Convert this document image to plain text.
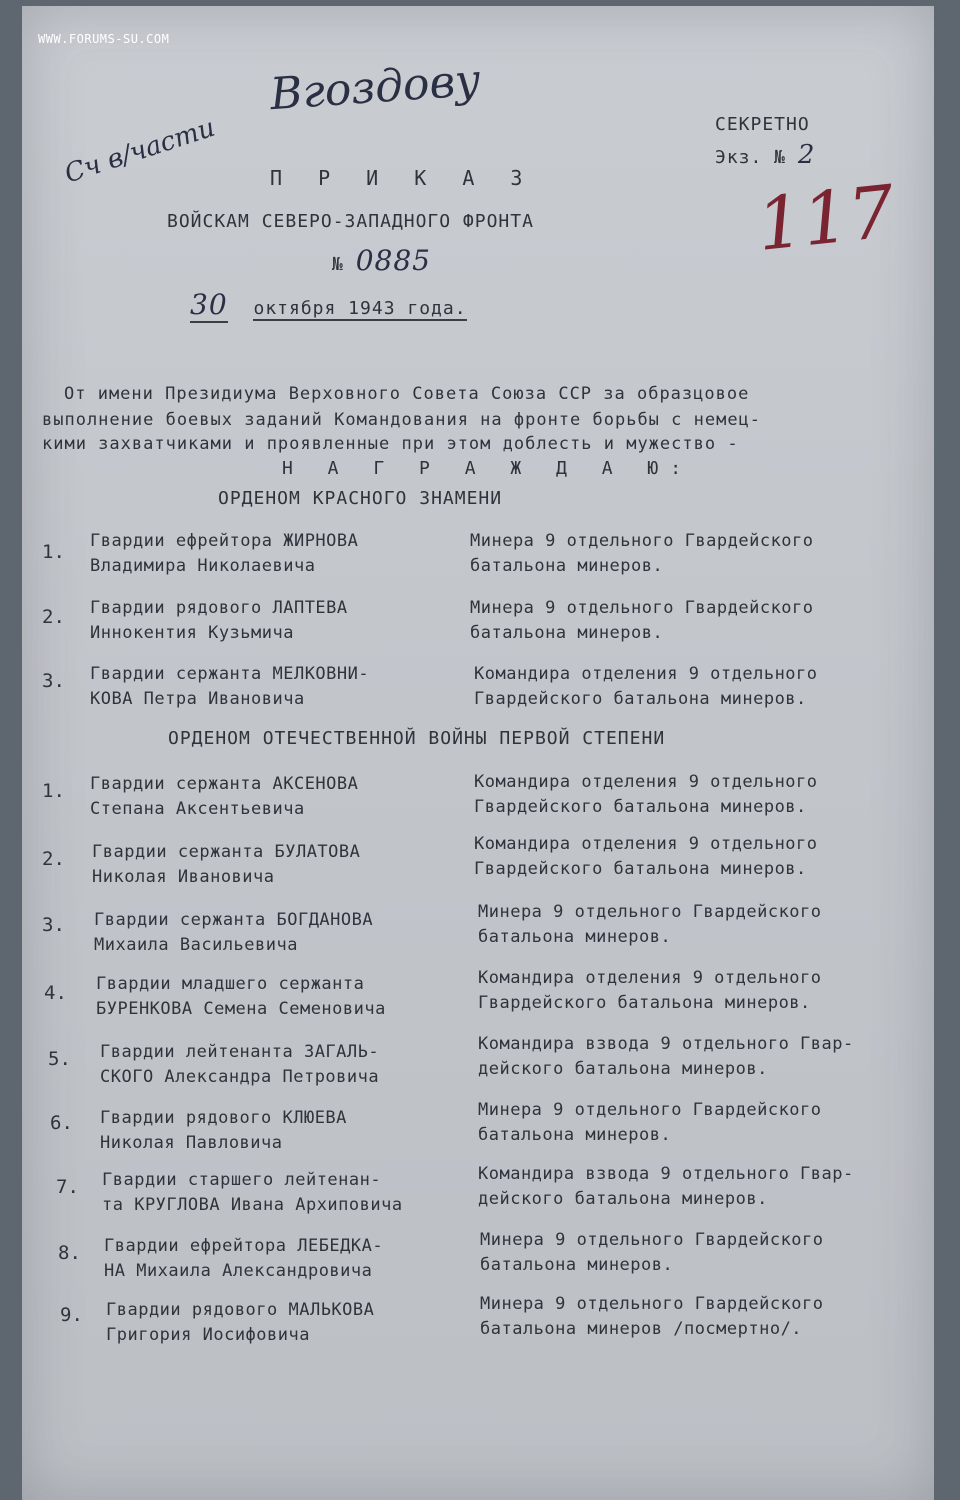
Вгоздову
Сч в/части
117
СЕКРЕТНО
Экз. № 2
П Р И К А З
ВОЙСКАМ СЕВЕРО-ЗАПАДНОГО ФРОНТА
№ 0885
30 октября 1943 года.
От имени Президиума Верховного Совета Союза ССР за образцовое
выполнение боевых заданий Командования на фронте борьбы с немец-
кими захватчиками и проявленные при этом доблесть и мужество -
Н А Г Р А Ж Д А Ю:
ОРДЕНОМ КРАСНОГО ЗНАМЕНИ
1. Гвардии ефрейтора ЖИРНОВА
Владимира Николаевича
Минера 9 отдельного Гвардейского
батальона минеров.
2. Гвардии рядового ЛАПТЕВА
Иннокентия Кузьмича
Минера 9 отдельного Гвардейского
батальона минеров.
3. Гвардии сержанта МЕЛКОВНИ-
КОВА Петра Ивановича
Командира отделения 9 отдельного
Гвардейского батальона минеров.
ОРДЕНОМ ОТЕЧЕСТВЕННОЙ ВОЙНЫ ПЕРВОЙ СТЕПЕНИ
1. Гвардии сержанта АКСЕНОВА
Степана Аксентьевича
Командира отделения 9 отдельного
Гвардейского батальона минеров.
2. Гвардии сержанта БУЛАТОВА
Николая Ивановича
Командира отделения 9 отдельного
Гвардейского батальона минеров.
3. Гвардии сержанта БОГДАНОВА
Михаила Васильевича
Минера 9 отдельного Гвардейского
батальона минеров.
4. Гвардии младшего сержанта
БУРЕНКОВА Семена Семеновича
Командира отделения 9 отдельного
Гвардейского батальона минеров.
5. Гвардии лейтенанта ЗАГАЛЬ-
СКОГО Александра Петровича
Командира взвода 9 отдельного Гвар-
дейского батальона минеров.
6. Гвардии рядового КЛЮЕВА
Николая Павловича
Минера 9 отдельного Гвардейского
батальона минеров.
7. Гвардии старшего лейтенан-
та КРУГЛОВА Ивана Архиповича
Командира взвода 9 отдельного Гвар-
дейского батальона минеров.
8. Гвардии ефрейтора ЛЕБЕДКА-
НА Михаила Александровича
Минера 9 отдельного Гвардейского
батальона минеров.
9. Гвардии рядового МАЛЬКОВА
Григория Иосифовича
Минера 9 отдельного Гвардейского
батальона минеров /посмертно/.
WWW.FORUMS-SU.COM
